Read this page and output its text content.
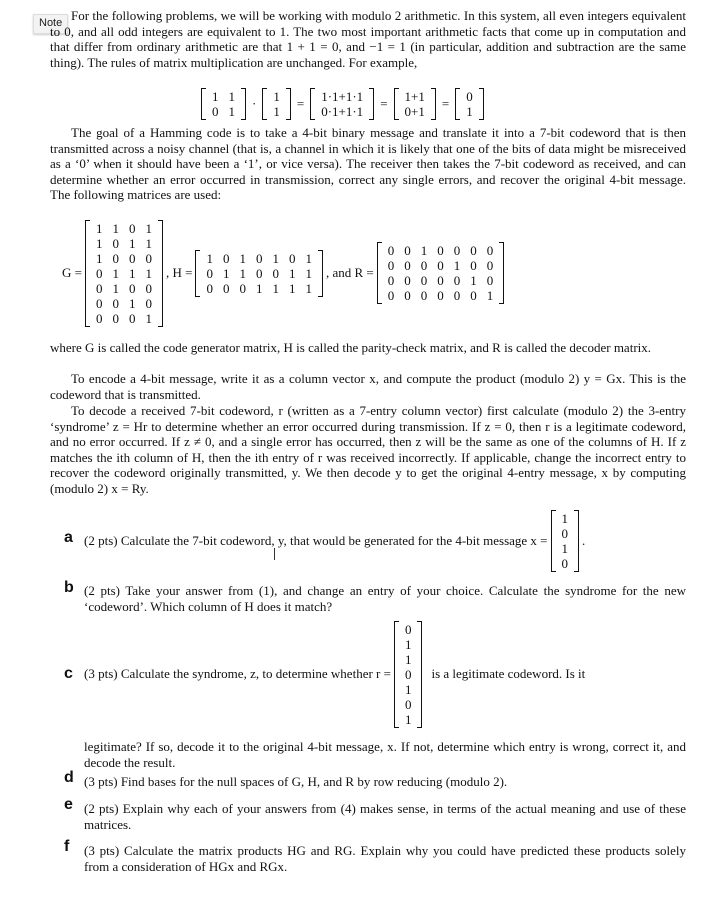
Note For the following problems, we will be working with modulo 2 arithmetic. In this system, all even integers equivalent to 0, and all odd integers are equivalent to 1. The two most important arithmetic facts that come up in computation and that differ from ordinary arithmetic are that 1 + 1 = 0, and −1 = 1 (in particular, addition and subtraction are the same thing). The rules of matrix multiplication are unchanged. For example,
1	1
0	1
· 1
1
= 1·1+1·1
0·1+1·1
= 1+1
0+1
= 0
1
The goal of a Hamming code is to take a 4-bit binary message and translate it into a 7-bit codeword that is then transmitted across a noisy channel (that is, a channel in which it is likely that one of the bits of data might be misreceived as a ‘0’ when it should have been a ‘1’, or vice versa). The receiver then takes the 7-bit codeword as received, and can determine whether an error occurred in transmission, correct any single errors, and recover the original 4-bit message. The following matrices are used:
G =
1	1	0	1
1	0	1	1
1	0	0	0
0	1	1	1
0	1	0	0
0	0	1	0
0	0	0	1
, H =
1	0	1	0	1	0	1
0	1	1	0	0	1	1
0	0	0	1	1	1	1
, and R =
0	0	1	0	0	0	0
0	0	0	0	1	0	0
0	0	0	0	0	1	0
0	0	0	0	0	0	1
where G is called the code generator matrix, H is called the parity-check matrix, and R is called the decoder matrix.
To encode a 4-bit message, write it as a column vector x, and compute the product (modulo 2) y = Gx. This is the codeword that is transmitted.
To decode a received 7-bit codeword, r (written as a 7-entry column vector) first calculate (modulo 2) the 3-entry ‘syndrome’ z = Hr to determine whether an error occurred during transmission. If z = 0, then r is a legitimate codeword, and no error occurred. If z ≠ 0, and a single error has occurred, then z will be the same as one of the columns of H. If z matches the ith column of H, then the ith entry of r was received incorrectly. If applicable, change the incorrect entry to recover the codeword originally transmitted, y. We then decode y to get the original 4-entry message, x by computing (modulo 2) x = Ry.
a (2 pts) Calculate the 7-bit codeword, y, that would be generated for the 4-bit message x =
1
0
1
0
.
b (2 pts) Take your answer from (1), and change an entry of your choice. Calculate the syndrome for the new ‘codeword’. Which column of H does it match?
c (3 pts) Calculate the syndrome, z, to determine whether r =
0
1
1
0
1
0
1
is a legitimate codeword. Is it
legitimate? If so, decode it to the original 4-bit message, x. If not, determine which entry is wrong, correct it, and decode the result.
d (3 pts) Find bases for the null spaces of G, H, and R by row reducing (modulo 2).
e (2 pts) Explain why each of your answers from (4) makes sense, in terms of the actual meaning and use of these matrices.
f (3 pts) Calculate the matrix products HG and RG. Explain why you could have predicted these products solely from a consideration of HGx and RGx.
